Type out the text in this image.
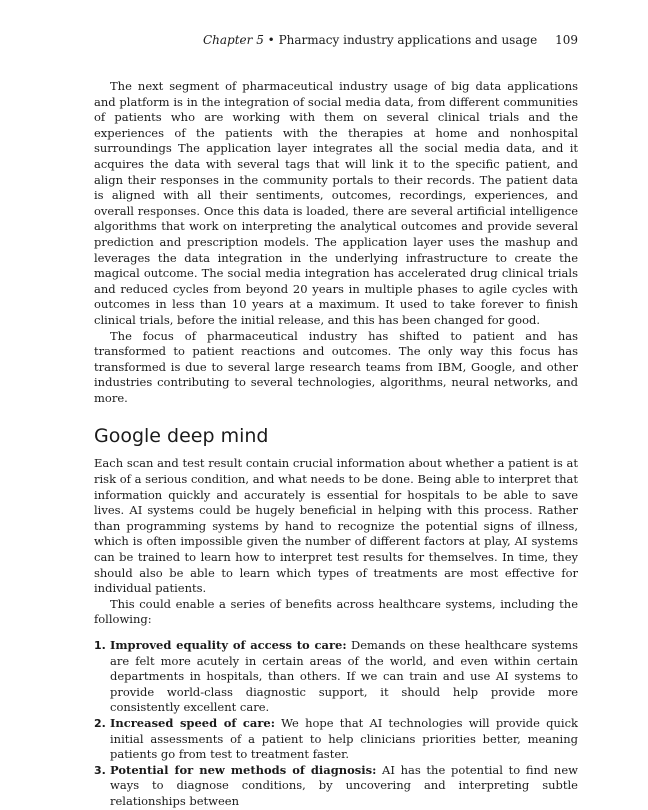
Chapter 5 • Pharmacy industry applications and usage 109

The next segment of pharmaceutical industry usage of big data applications and platform is in the integration of social media data, from different communities of patients who are working with them on several clinical trials and the experiences of the patients with the therapies at home and nonhospital surroundings The application layer integrates all the social media data, and it acquires the data with several tags that will link it to the specific patient, and align their responses in the community portals to their records. The patient data is aligned with all their sentiments, outcomes, recordings, experiences, and overall responses. Once this data is loaded, there are several artificial intelligence algorithms that work on interpreting the analytical outcomes and provide several prediction and prescription models. The application layer uses the mashup and leverages the data integration in the underlying infrastructure to create the magical outcome. The social media integration has accelerated drug clinical trials and reduced cycles from beyond 20 years in multiple phases to agile cycles with outcomes in less than 10 years at a maximum. It used to take forever to finish clinical trials, before the initial release, and this has been changed for good.

The focus of pharmaceutical industry has shifted to patient and has transformed to patient reactions and outcomes. The only way this focus has transformed is due to several large research teams from IBM, Google, and other industries contributing to several technologies, algorithms, neural networks, and more.

Google deep mind

Each scan and test result contain crucial information about whether a patient is at risk of a serious condition, and what needs to be done. Being able to interpret that information quickly and accurately is essential for hospitals to be able to save lives. AI systems could be hugely beneficial in helping with this process. Rather than programming systems by hand to recognize the potential signs of illness, which is often impossible given the number of different factors at play, AI systems can be trained to learn how to interpret test results for themselves. In time, they should also be able to learn which types of treatments are most effective for individual patients.

This could enable a series of benefits across healthcare systems, including the following:

1. Improved equality of access to care: Demands on these healthcare systems are felt more acutely in certain areas of the world, and even within certain departments in hospitals, than others. If we can train and use AI systems to provide world-class diagnostic support, it should help provide more consistently excellent care.
2. Increased speed of care: We hope that AI technologies will provide quick initial assessments of a patient to help clinicians priorities better, meaning patients go from test to treatment faster.
3. Potential for new methods of diagnosis: AI has the potential to find new ways to diagnose conditions, by uncovering and interpreting subtle relationships between
